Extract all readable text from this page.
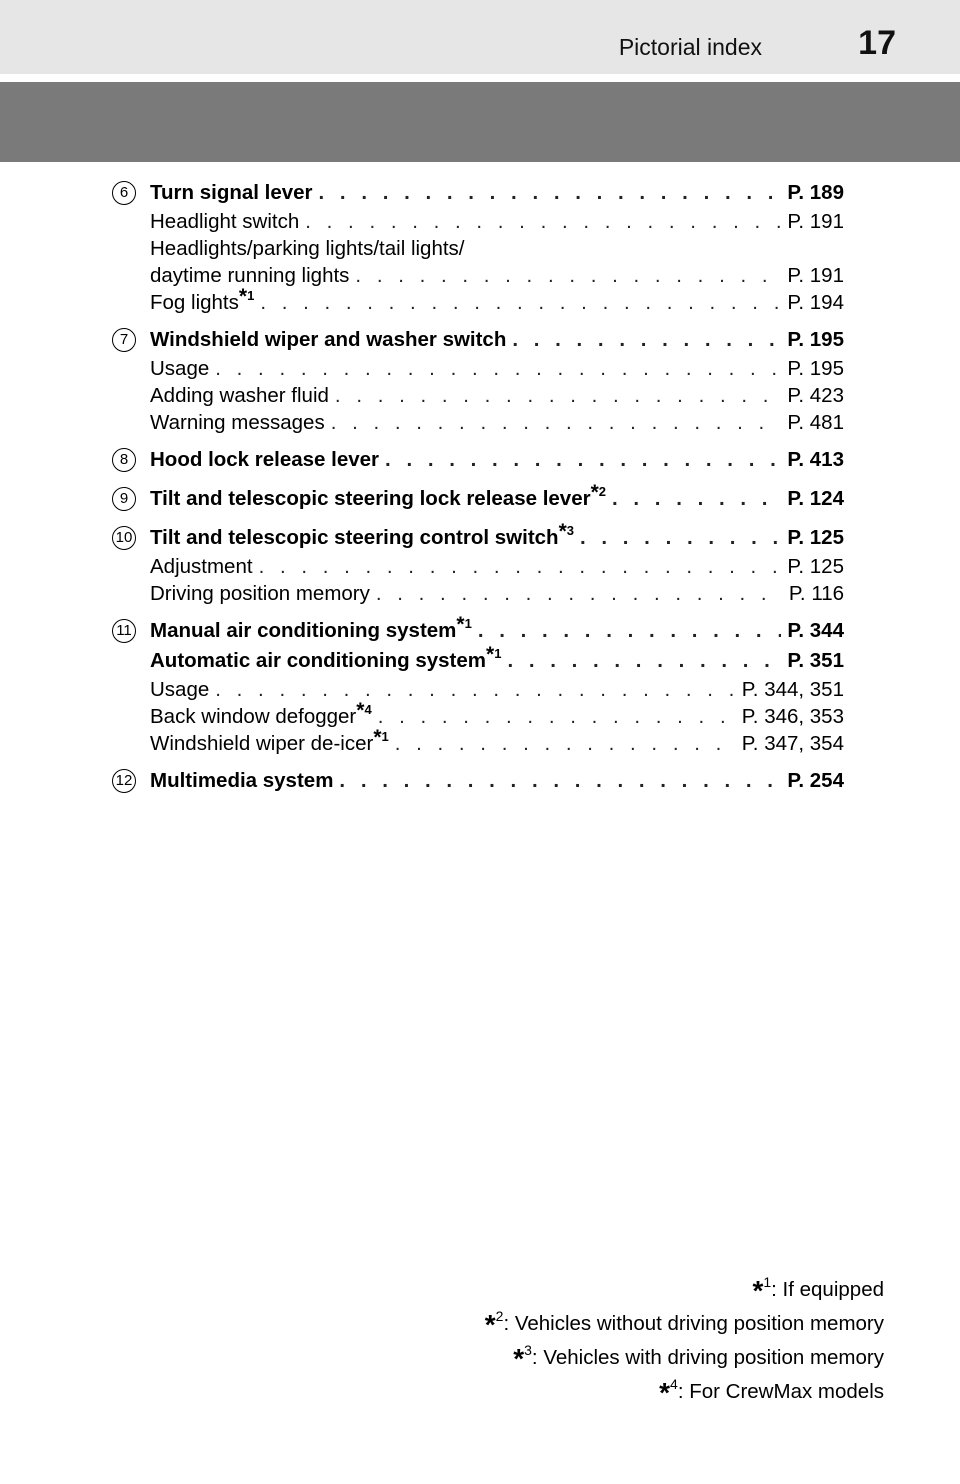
Pictorial index	17
6	Turn signal lever . . .	P. 189
Headlight switch . . .	P. 191
Headlights/parking lights/tail lights/
daytime running lights . . .	P. 191
Fog lights$^{*1}$ . . .	P. 194
7	Windshield wiper and washer switch . . .	P. 195
Usage . . .	P. 195
Adding washer fluid . . .	P. 423
Warning messages . . .	P. 481
8	Hood lock release lever . . .	P. 413
9	Tilt and telescopic steering lock release lever$^{*2}$ . . .	P. 124
10 Tilt and telescopic steering control switch$^{*3}$ . . .	P. 125
Adjustment . . .	P. 125
Driving position memory . . .	P. 116
11 Manual air conditioning system$^{*1}$ . . .	P. 344
Automatic air conditioning system$^{*1}$ . . .	P. 351
Usage . . .	P. 344, 351
Back window defogger$^{*4}$ . . .	P. 346, 353
Windshield wiper de-icer$^{*1}$ . . .	P. 347, 354
12 Multimedia system . . .	P. 254
*$^1$: If equipped
*$^2$: Vehicles without driving position memory
*$^3$: Vehicles with driving position memory
*$^4$: For CrewMax models
